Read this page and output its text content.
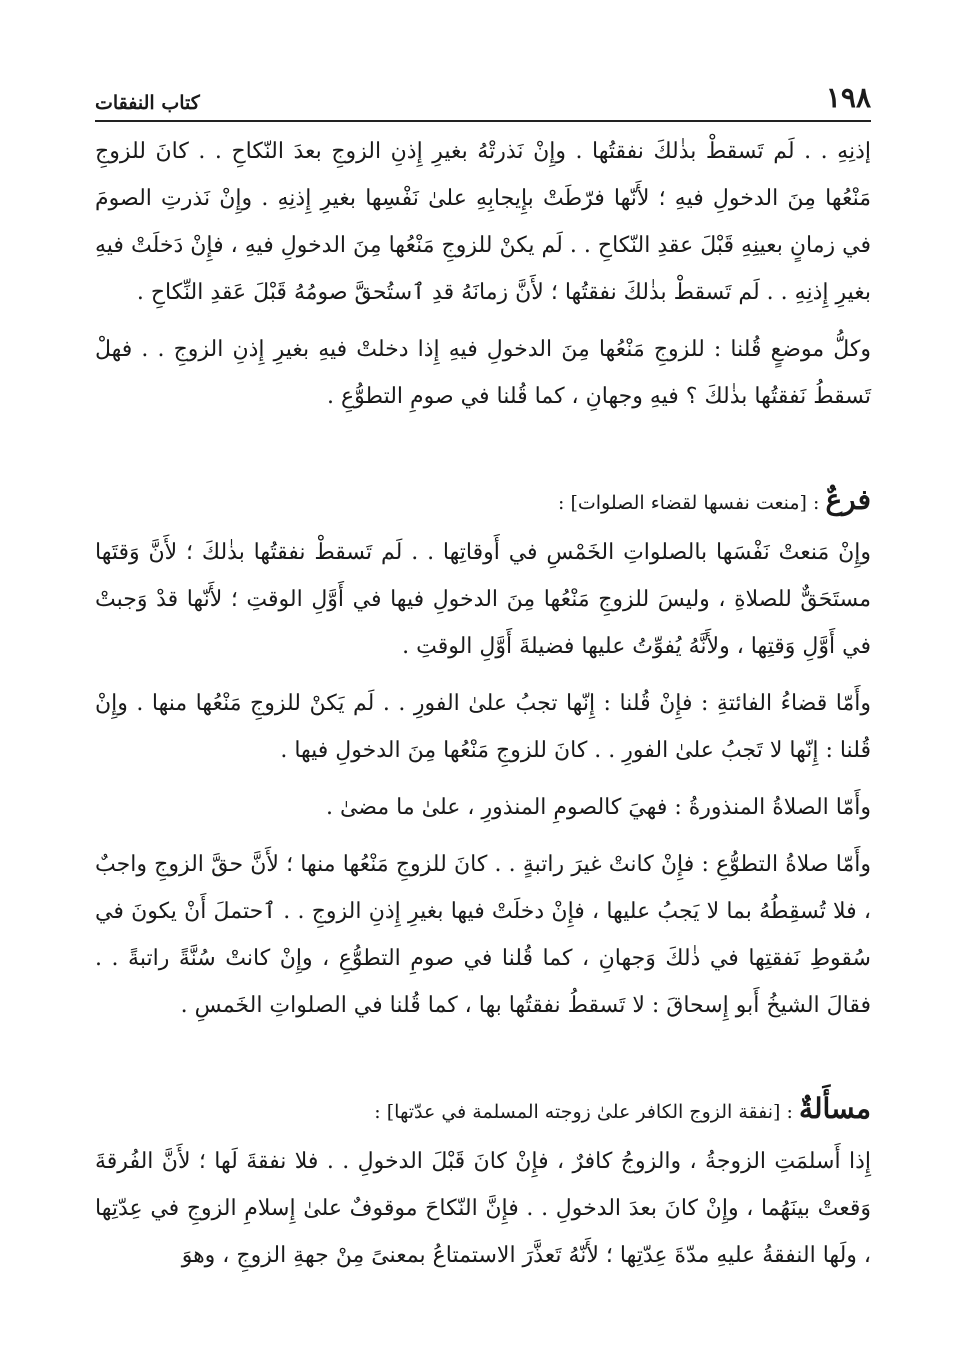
١٩٨
كتاب النفقات

إذنِهِ . . لَم تَسقطْ بذٰلكَ نفقتُها . وإِنْ نَذرتْهُ بغيرِ إِذنِ الزوجِ بعدَ النّكاحِ . . كانَ للزوجِ مَنْعُها مِنَ الدخولِ فيهِ ؛ لأَنّها فرّطَتْ بإِيجابِهِ علىٰ نَفْسِها بغيرِ إِذنِهِ . وإِنْ نَذرتِ الصومَ في زمانٍ بعينِهِ قَبْلَ عقدِ النّكاحِ . . لَم يكنْ للزوجِ مَنْعُها مِنَ الدخولِ فيهِ ، فإِنْ دَخلَتْ فيهِ بغيرِ إِذنِهِ . . لَم تَسقطْ بذٰلكَ نفقتُها ؛ لأَنَّ زمانَهُ قدِ ٱستُحقَّ صومُهُ قَبْلَ عَقدِ النِّكاحِ .

وكلُّ موضعٍ قُلنا : للزوجِ مَنْعُها مِنَ الدخولِ فيهِ إِذا دخلتْ فيهِ بغيرِ إِذنِ الزوجِ . . فهلْ تَسقطُ نَفقتُها بذٰلكَ ؟ فيهِ وجهانِ ، كما قُلنا في صومِ التطوُّعِ .

فرعٌ : [منعت نفسها لقضاء الصلوات] :

وإِنْ مَنعتْ نَفْسَها بالصلواتِ الخَمْسِ في أَوقاتِها . . لَم تَسقطْ نفقتُها بذٰلكَ ؛ لأَنَّ وَقتَها مستَحَقٌّ للصلاةِ ، وليسَ للزوجِ مَنْعُها مِنَ الدخولِ فيها في أَوَّلِ الوقتِ ؛ لأَنّها قدْ وَجبتْ في أَوَّلِ وَقتِها ، ولأَنَّهُ يُفوِّتُ عليها فضيلةَ أَوَّلِ الوقتِ .

وأَمّا قضاءُ الفائتةِ : فإِنْ قُلنا : إِنّها تجبُ علىٰ الفورِ . . لَم يَكنْ للزوجِ مَنْعُها منها . وإِنْ قُلنا : إِنّها لا تَجبُ علىٰ الفورِ . . كانَ للزوجِ مَنْعُها مِنَ الدخولِ فيها .

وأَمّا الصلاةُ المنذورةُ : فهيَ كالصومِ المنذورِ ، علىٰ ما مضىٰ .

وأَمّا صلاةُ التطوُّعِ : فإِنْ كانتْ غيرَ راتبةٍ . . كانَ للزوجِ مَنْعُها منها ؛ لأَنَّ حقَّ الزوجِ واجبٌ ، فلا تُسقِطُهُ بما لا يَجبُ عليها ، فإِنْ دخلَتْ فيها بغيرِ إِذنِ الزوجِ . . ٱحتملَ أَنْ يكونَ في سُقوطِ نَفقتِها في ذٰلكَ وَجهانِ ، كما قُلنا في صومِ التطوُّعِ ، وإِنْ كانتْ سُنَّةً راتبةً . . فقالَ الشيخُ أَبو إِسحاقَ : لا تَسقطُ نفقتُها بها ، كما قُلنا في الصلواتِ الخَمسِ .

مسأَلةٌ : [نفقة الزوج الكافر علىٰ زوجته المسلمة في عدّتها] :

إِذا أَسلمَتِ الزوجةُ ، والزوجُ كافرٌ ، فإِنْ كانَ قَبْلَ الدخولِ . . فلا نفقةَ لَها ؛ لأَنَّ الفُرقةَ وَقعتْ بينَهُما ، وإِنْ كانَ بعدَ الدخولِ . . فإِنَّ النّكاحَ موقوفٌ علىٰ إِسلامِ الزوجِ في عِدّتِها ، ولَها النفقةُ عليهِ مدّةَ عِدّتِها ؛ لأَنّهُ تَعذَّرَ الاستمتاعُ بمعنىً مِنْ جهةِ الزوجِ ، وهوَ
